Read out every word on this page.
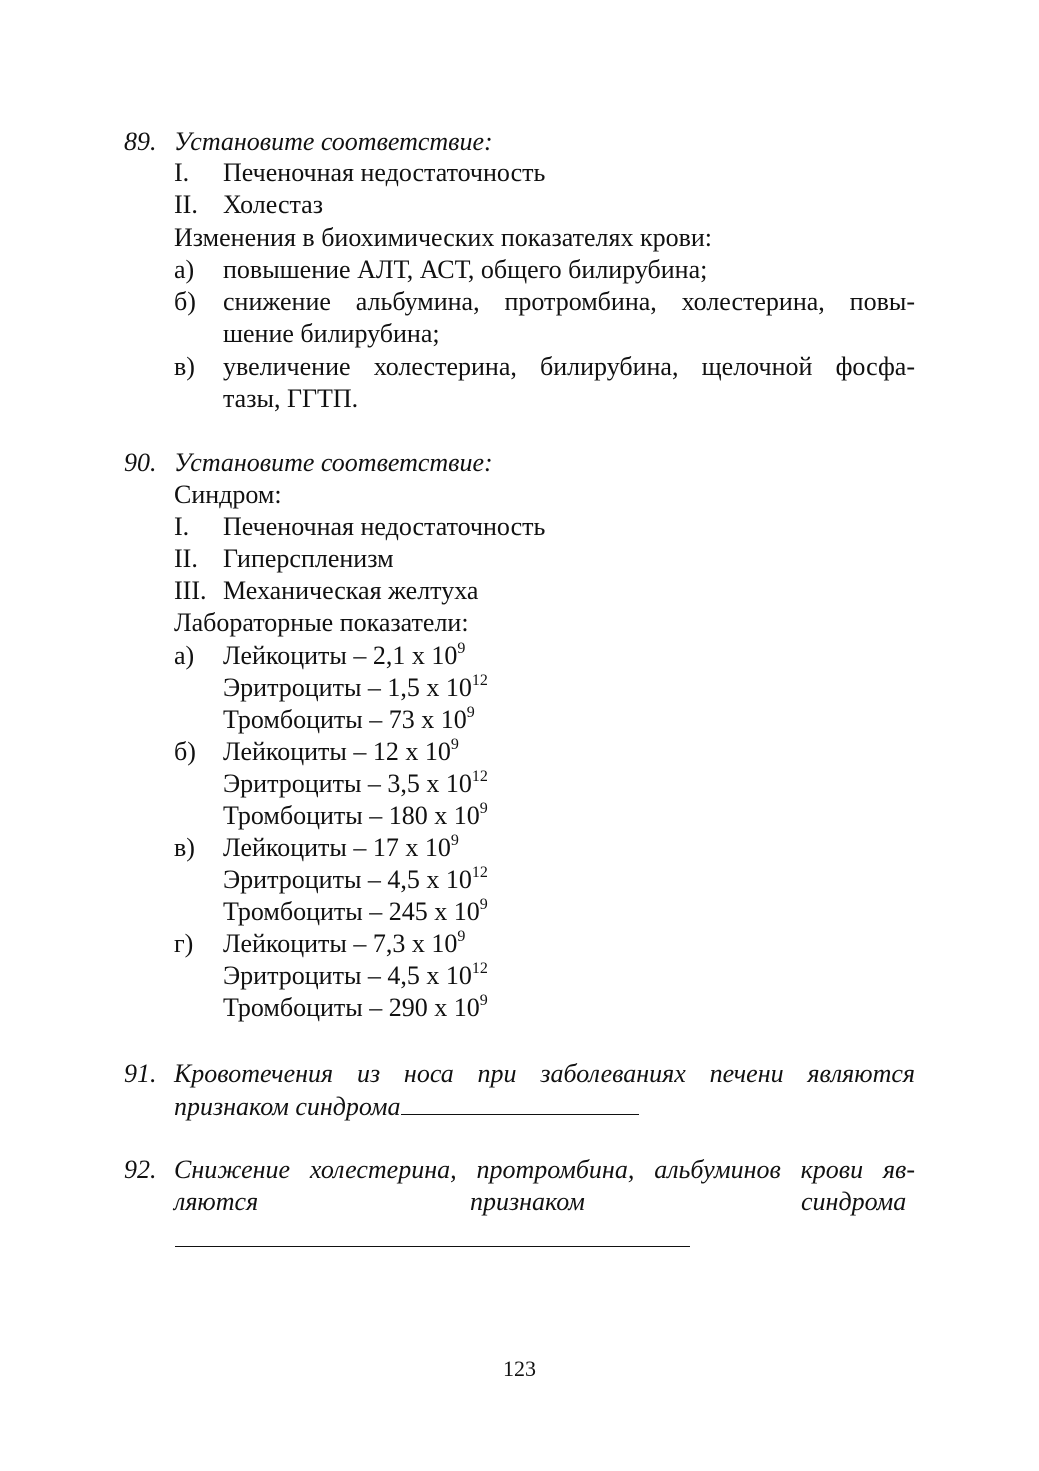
89. Установите соответствие:
I. Печеночная недостаточность
II. Холестаз
Изменения в биохимических показателях крови:
а) повышение АЛТ, АСТ, общего билирубина;
б) снижение альбумина, протромбина, холестерина, повы-
шение билирубина;
в) увеличение холестерина, билирубина, щелочной фосфа-
тазы, ГГТП.
90. Установите соответствие:
Синдром:
I. Печеночная недостаточность
II. Гиперспленизм
III. Механическая желтуха
Лабораторные показатели:
а) Лейкоциты – 2,1 х $10^9$
Эритроциты – 1,5 х $10^{12}$
Тромбоциты – 73 х $10^9$
б) Лейкоциты – 12 х $10^9$
Эритроциты – 3,5 х $10^{12}$
Тромбоциты – 180 х $10^9$
в) Лейкоциты – 17 х $10^9$
Эритроциты – 4,5 х $10^{12}$
Тромбоциты – 245 х $10^9$
г) Лейкоциты – 7,3 х $10^9$
Эритроциты – 4,5 х $10^{12}$
Тромбоциты – 290 х $10^9$
91. Кровотечения из носа при заболеваниях печени являются
признаком синдрома
92. Снижение холестерина, протромбина, альбуминов крови яв-
ляются	признаком	синдрома
123
